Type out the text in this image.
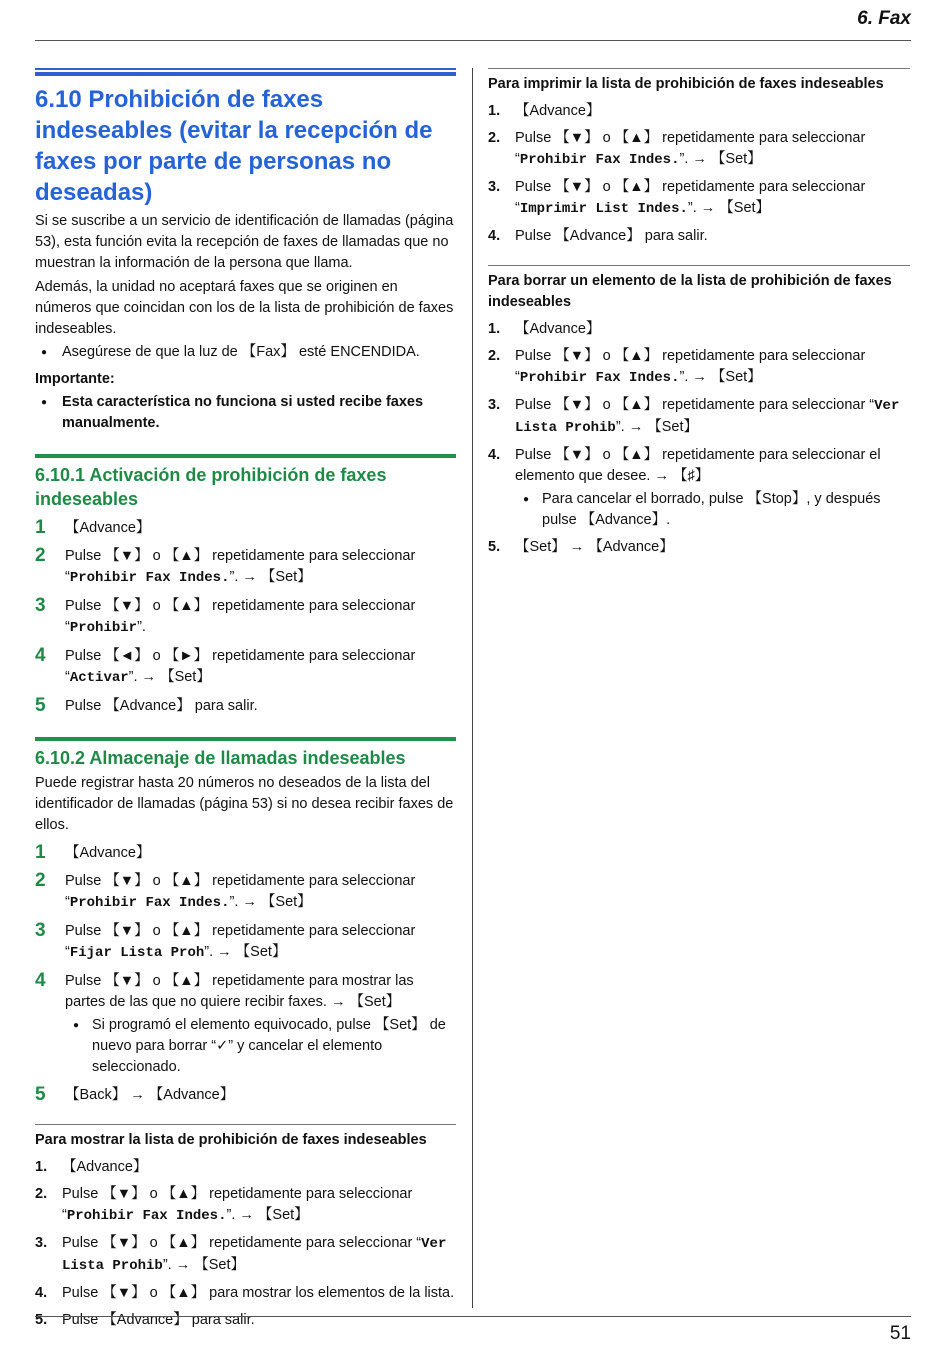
6. Fax
6.10 Prohibición de faxes indeseables (evitar la recepción de faxes por parte de personas no deseadas)

Si se suscribe a un servicio de identificación de llamadas (página 53), esta función evita la recepción de faxes de llamadas que no muestran la información de la persona que llama.

Además, la unidad no aceptará faxes que se originen en números que coincidan con los de la lista de prohibición de faxes indeseables.

● Asegúrese de que la luz de 【Fax】 esté ENCENDIDA.

Importante:

● Esta característica no funciona si usted recibe faxes manualmente.
6.10.1 Activación de prohibición de faxes indeseables
1 【Advance】
2 Pulse 【▼】 o 【▲】 repetidamente para seleccionar “Prohibir Fax Indes.”. → 【Set】
3 Pulse 【▼】 o 【▲】 repetidamente para seleccionar “Prohibir”.
4 Pulse 【◄】 o 【►】 repetidamente para seleccionar “Activar”. → 【Set】
5 Pulse 【Advance】 para salir.
6.10.2 Almacenaje de llamadas indeseables

Puede registrar hasta 20 números no deseados de la lista del identificador de llamadas (página 53) si no desea recibir faxes de ellos.

1 【Advance】
2 Pulse 【▼】 o 【▲】 repetidamente para seleccionar “Prohibir Fax Indes.”. → 【Set】
3 Pulse 【▼】 o 【▲】 repetidamente para seleccionar “Fijar Lista Proh”. → 【Set】
4 Pulse 【▼】 o 【▲】 repetidamente para mostrar las partes de las que no quiere recibir faxes. → 【Set】
● Si programó el elemento equivocado, pulse 【Set】 de nuevo para borrar “✓” y cancelar el elemento seleccionado.
5 【Back】 → 【Advance】
Para mostrar la lista de prohibición de faxes indeseables
1. 【Advance】
2. Pulse 【▼】 o 【▲】 repetidamente para seleccionar “Prohibir Fax Indes.”. → 【Set】
3. Pulse 【▼】 o 【▲】 repetidamente para seleccionar “Ver Lista Prohib”. → 【Set】
4. Pulse 【▼】 o 【▲】 para mostrar los elementos de la lista.
5. Pulse 【Advance】 para salir.
Para imprimir la lista de prohibición de faxes indeseables
1. 【Advance】
2. Pulse 【▼】 o 【▲】 repetidamente para seleccionar “Prohibir Fax Indes.”. → 【Set】
3. Pulse 【▼】 o 【▲】 repetidamente para seleccionar “Imprimir List Indes.”. → 【Set】
4. Pulse 【Advance】 para salir.
Para borrar un elemento de la lista de prohibición de faxes indeseables
1. 【Advance】
2. Pulse 【▼】 o 【▲】 repetidamente para seleccionar “Prohibir Fax Indes.”. → 【Set】
3. Pulse 【▼】 o 【▲】 repetidamente para seleccionar “Ver Lista Prohib”. → 【Set】
4. Pulse 【▼】 o 【▲】 repetidamente para seleccionar el elemento que desee. → 【♯】
● Para cancelar el borrado, pulse 【Stop】, y después pulse 【Advance】.
5. 【Set】 → 【Advance】
51
